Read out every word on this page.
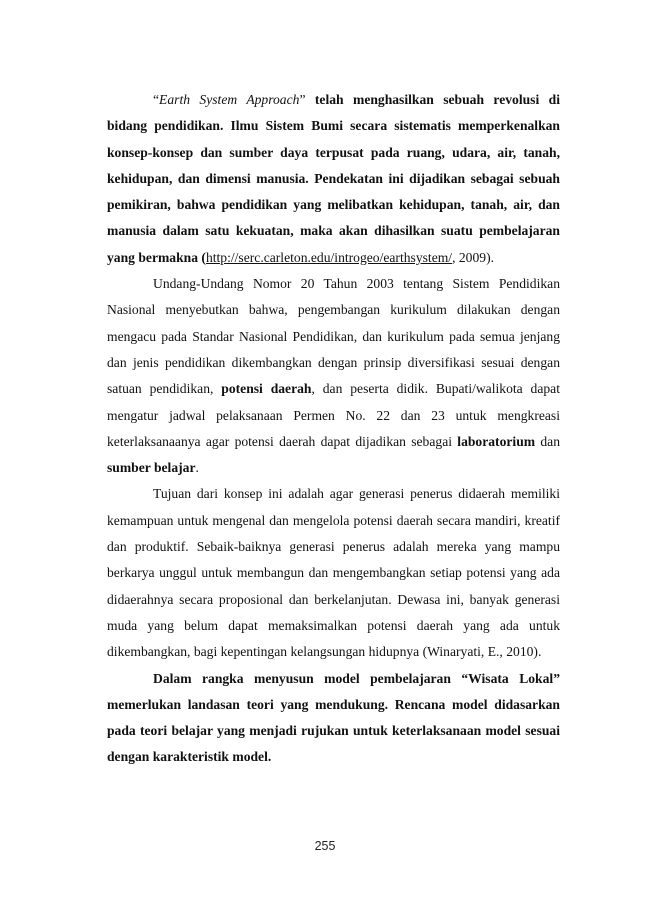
“Earth System Approach” telah menghasilkan sebuah revolusi di bidang pendidikan. Ilmu Sistem Bumi secara sistematis memperkenalkan konsep-konsep dan sumber daya terpusat pada ruang, udara, air, tanah, kehidupan, dan dimensi manusia. Pendekatan ini dijadikan sebagai sebuah pemikiran, bahwa pendidikan yang melibatkan kehidupan, tanah, air, dan manusia dalam satu kekuatan, maka akan dihasilkan suatu pembelajaran yang bermakna (http://serc.carleton.edu/introgeo/earthsystem/, 2009).

Undang-Undang Nomor 20 Tahun 2003 tentang Sistem Pendidikan Nasional menyebutkan bahwa, pengembangan kurikulum dilakukan dengan mengacu pada Standar Nasional Pendidikan, dan kurikulum pada semua jenjang dan jenis pendidikan dikembangkan dengan prinsip diversifikasi sesuai dengan satuan pendidikan, potensi daerah, dan peserta didik. Bupati/walikota dapat mengatur jadwal pelaksanaan Permen No. 22 dan 23 untuk mengkreasi keterlaksanaanya agar potensi daerah dapat dijadikan sebagai laboratorium dan sumber belajar.

Tujuan dari konsep ini adalah agar generasi penerus didaerah memiliki kemampuan untuk mengenal dan mengelola potensi daerah secara mandiri, kreatif dan produktif. Sebaik-baiknya generasi penerus adalah mereka yang mampu berkarya unggul untuk membangun dan mengembangkan setiap potensi yang ada didaerahnya secara proposional dan berkelanjutan. Dewasa ini, banyak generasi muda yang belum dapat memaksimalkan potensi daerah yang ada untuk dikembangkan, bagi kepentingan kelangsungan hidupnya (Winaryati, E., 2010).

Dalam rangka menyusun model pembelajaran “Wisata Lokal” memerlukan landasan teori yang mendukung. Rencana model didasarkan pada teori belajar yang menjadi rujukan untuk keterlaksanaan model sesuai dengan karakteristik model.

255
